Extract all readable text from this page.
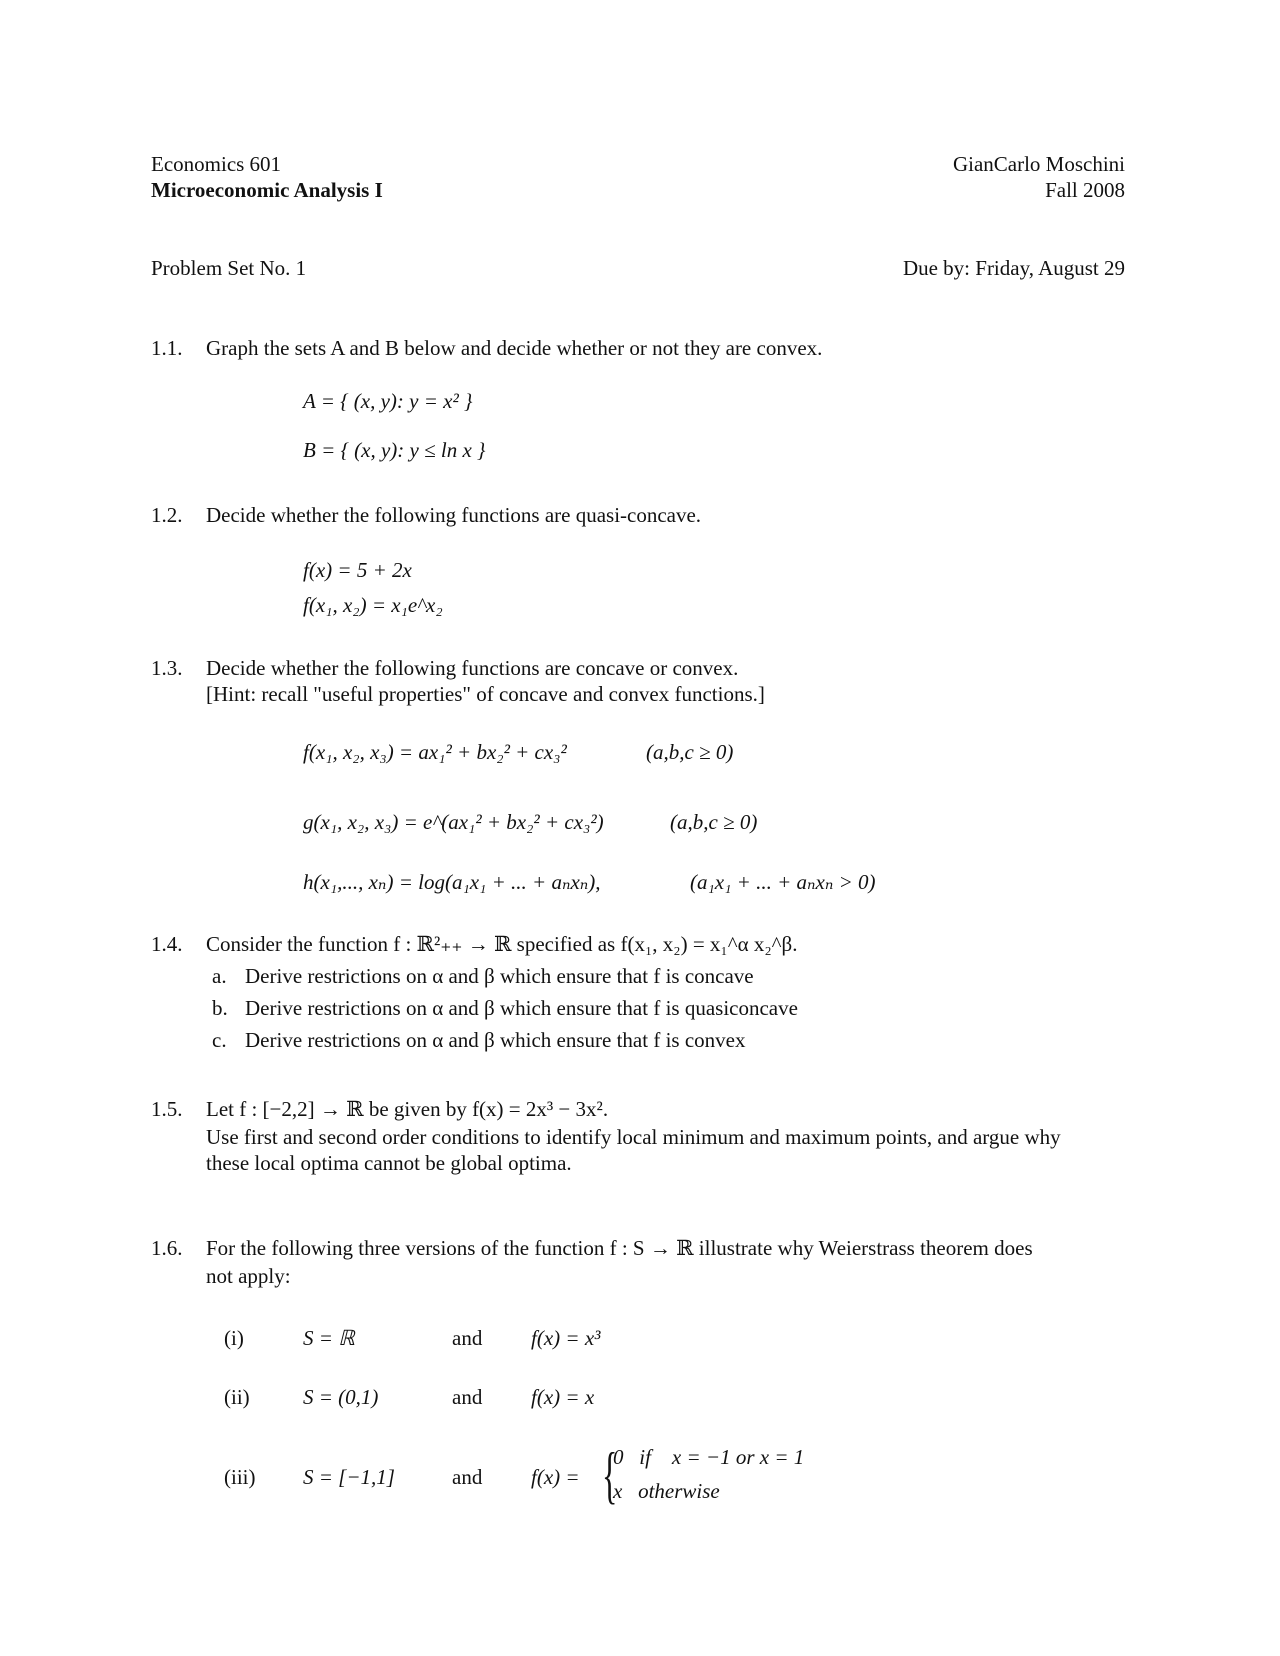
Economics 601
Microeconomic Analysis I
GianCarlo Moschini
Fall 2008
Problem Set No. 1	Due by: Friday, August 29
1.1. Graph the sets A and B below and decide whether or not they are convex.
A = { (x, y): y = x² }
B = { (x, y): y ≤ ln x }
1.2. Decide whether the following functions are quasi-concave.
f(x) = 5 + 2x
f(x₁, x₂) = x₁e^x₂
1.3. Decide whether the following functions are concave or convex.
[Hint: recall "useful properties" of concave and convex functions.]
f(x₁, x₂, x₃) = ax₁² + bx₂² + cx₃²	(a,b,c ≥ 0)
g(x₁, x₂, x₃) = e^(ax₁² + bx₂² + cx₃²)	(a,b,c ≥ 0)
h(x₁,..., xₙ) = log(a₁x₁ + ... + aₙxₙ),	(a₁x₁ + ... + aₙxₙ > 0)
1.4. Consider the function f : ℝ²₊₊ → ℝ specified as f(x₁, x₂) = x₁^α x₂^β.
a. Derive restrictions on α and β which ensure that f is concave
b. Derive restrictions on α and β which ensure that f is quasiconcave
c. Derive restrictions on α and β which ensure that f is convex
1.5. Let f : [−2,2] → ℝ be given by f(x) = 2x³ − 3x².
Use first and second order conditions to identify local minimum and maximum points, and argue why
these local optima cannot be global optima.
1.6. For the following three versions of the function f : S → ℝ illustrate why Weierstrass theorem does
not apply:
(i)	S = ℝ	and f(x) = x³
(ii)	S = (0,1)	and f(x) = x
(iii) S = [−1,1]	and f(x) = {
0   if    x = −1 or x = 1
x   otherwise
